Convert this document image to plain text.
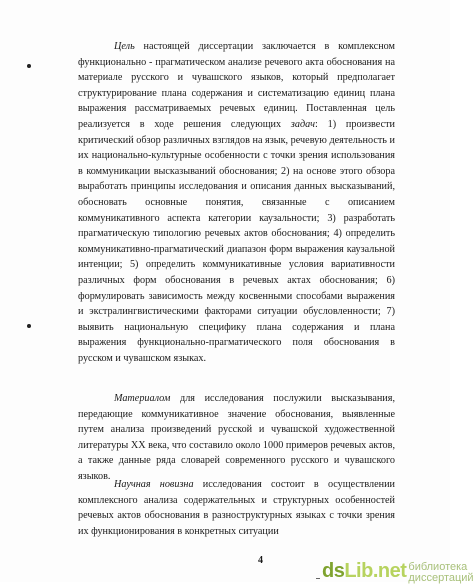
Цель настоящей диссертации заключается в комплексном функционально - прагматическом анализе речевого акта обоснования на материале русского и чувашского языков, который предполагает структурирование плана содержания и систематизацию единиц плана выражения рассматриваемых речевых единиц. Поставленная цель реализуется в ходе решения следующих задач: 1) произвести критический обзор различных взглядов на язык, речевую деятельность и их национально-культурные особенности с точки зрения использования в коммуникации высказываний обоснования; 2) на основе этого обзора выработать принципы исследования и описания данных высказываний, обосновать основные понятия, связанные с описанием коммуникативного аспекта категории каузальности; 3) разработать прагматическую типологию речевых актов обоснования; 4) определить коммуникативно-прагматический диапазон форм выражения каузальной интенции; 5) определить коммуникативные условия вариативности различных форм обоснования в речевых актах обоснования; 6) формулировать зависимость между косвенными способами выражения и экстралингвистическими факторами ситуации обусловленности; 7) выявить национальную специфику плана содержания и плана выражения функционально-прагматического поля обоснования в русском и чувашском языках.

Материалом для исследования послужили высказывания, передающие коммуникативное значение обоснования, выявленные путем анализа произведений русской и чувашской художественной литературы XX века, что составило около 1000 примеров речевых актов, а также данные ряда словарей современного русского и чувашского языков.

Научная новизна исследования состоит в осуществлении комплексного анализа содержательных и структурных особенностей речевых актов обоснования в разноструктурных языках с точки зрения их функционирования в конкретных ситуации

4	dsLib.net библиотека диссертаций
